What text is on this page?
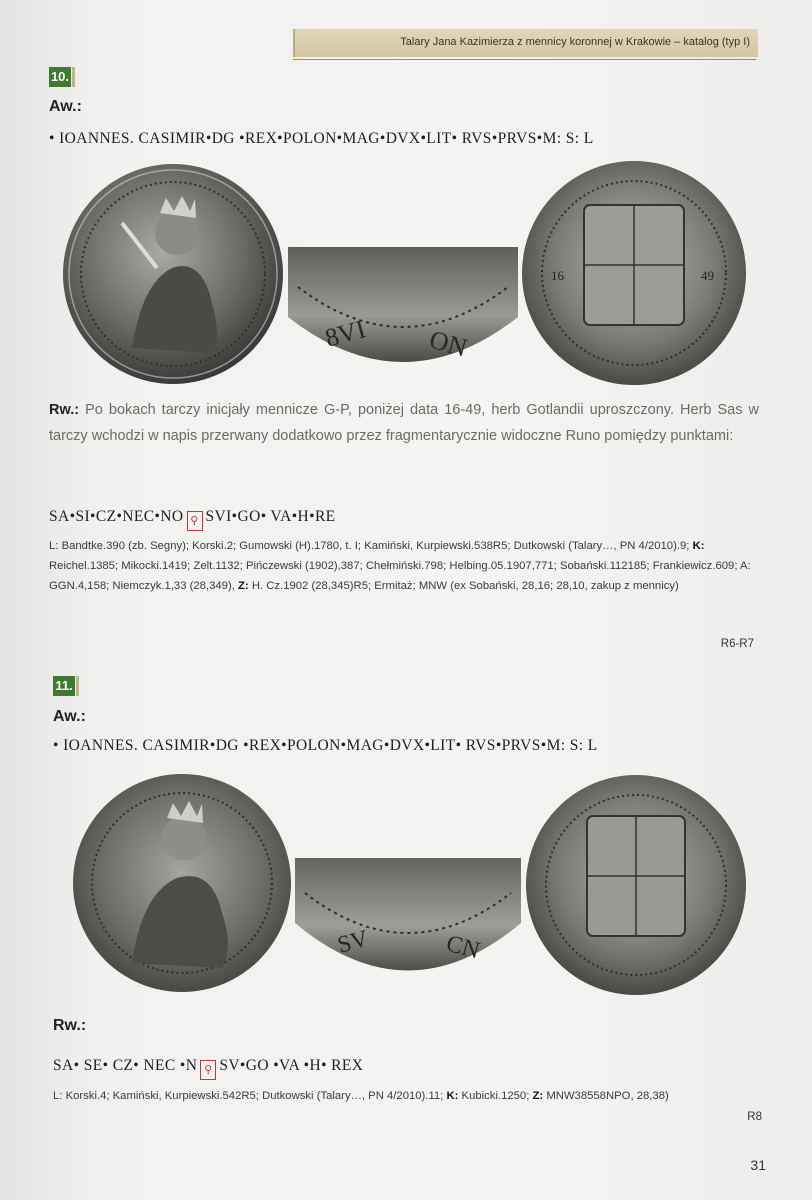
Talary Jana Kazimierza z mennicy koronnej w Krakowie – katalog (typ I)
10.
Aw.:
• IOANNES. CASIMIR•DG •REX•POLON•MAG•DVX•LIT• RVS•PRVS•M: S: L
8VI ON
16	49
Rw.: Po bokach tarczy inicjały mennicze G-P, poniżej data 16-49, herb Gotlandii uproszczony. Herb Sas w tarczy wchodzi w napis przerwany dodatkowo przez fragmentarycznie widoczne Runo pomiędzy punktami:
SA•SI•CZ•NEC•NO ⚲ SVI•GO• VA•H•RE
L: Bandtke.390 (zb. Segny); Korski.2; Gumowski (H).1780, t. I; Kamiński, Kurpiewski.538R5; Dutkowski (Talary…, PN 4/2010).9; K: Reichel.1385; Mikocki.1419; Zelt.1132; Pińczewski (1902),387; Chełmiński.798; Helbing.05.1907,771; Sobański.112185; Frankiewicz.609; A: GGN.4,158; Niemczyk.1,33 (28,349), Z: H. Cz.1902 (28,345)R5; Ermitaż; MNW (ex Sobański, 28,16; 28,10, zakup z mennicy)
R6-R7
11.
Aw.:
• IOANNES. CASIMIR•DG •REX•POLON•MAG•DVX•LIT• RVS•PRVS•M: S: L
SV	CN
Rw.:
SA• SE• CZ• NEC •N ⚲ SV•GO •VA •H• REX
L: Korski.4; Kamiński, Kurpiewski.542R5; Dutkowski (Talary…, PN 4/2010).11; K: Kubicki.1250; Z: MNW38558NPO, 28,38)
R8
31
